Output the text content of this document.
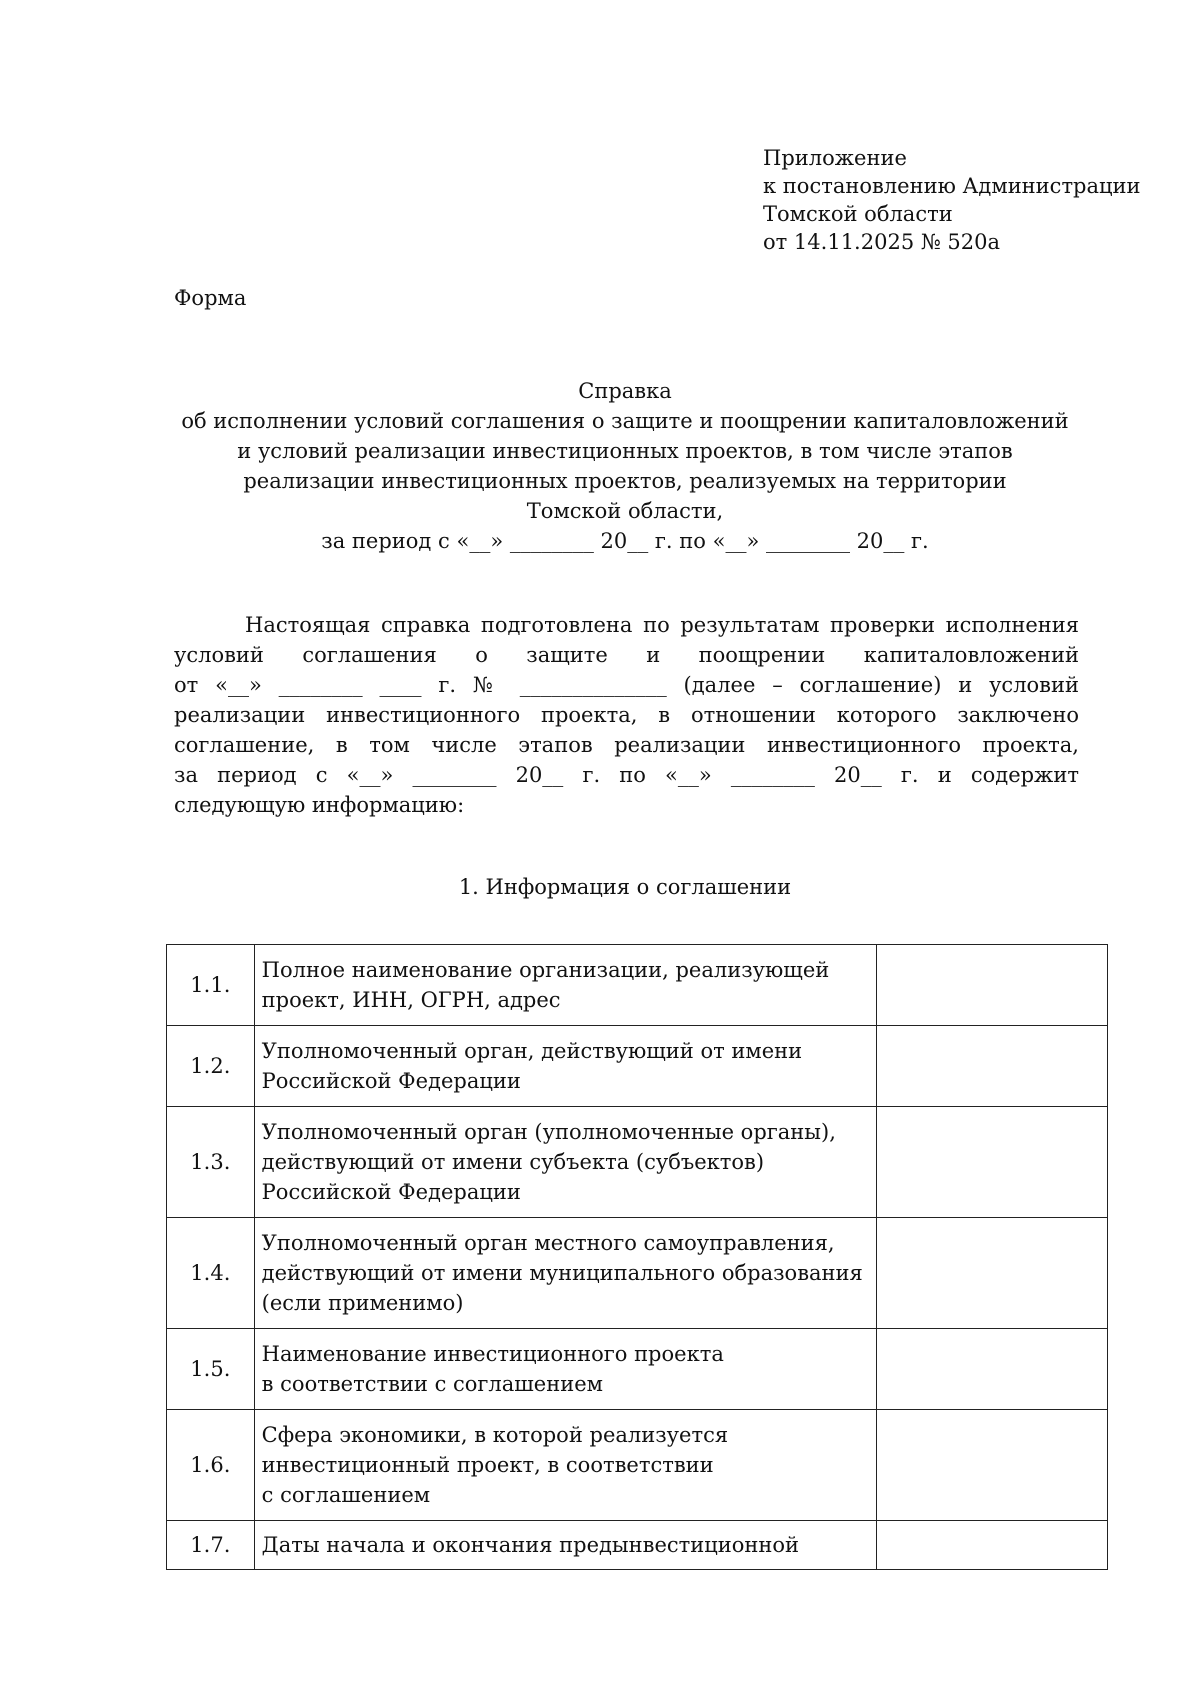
Приложение
к постановлению Администрации
Томской области
от 14.11.2025 № 520а
Форма
Справка
об исполнении условий соглашения о защите и поощрении капиталовложений
и условий реализации инвестиционных проектов, в том числе этапов
реализации инвестиционных проектов, реализуемых на территории
Томской области,
за период с «__» ________ 20__ г. по «__» ________ 20__ г.
Настоящая справка подготовлена по результатам проверки исполнения
условий соглашения о защите и поощрении капиталовложений
от «__» ________ ____ г. № ______________ (далее – соглашение) и условий
реализации инвестиционного проекта, в отношении которого заключено
соглашение, в том числе этапов реализации инвестиционного проекта,
за период с «__» ________ 20__ г. по «__» ________ 20__ г. и содержит
следующую информацию:
1. Информация о соглашении
1.1.	Полное наименование организации, реализующей
проект, ИНН, ОГРН, адрес	

1.2.	Уполномоченный орган, действующий от имени
Российской Федерации	

1.3.	Уполномоченный орган (уполномоченные органы),
действующий от имени субъекта (субъектов)
Российской Федерации	

1.4.	Уполномоченный орган местного самоуправления,
действующий от имени муниципального образования
(если применимо)	

1.5.	Наименование инвестиционного проекта
в соответствии с соглашением	

1.6.	Сфера экономики, в которой реализуется
инвестиционный проект, в соответствии
с соглашением	

1.7.	Даты начала и окончания предынвестиционной	
